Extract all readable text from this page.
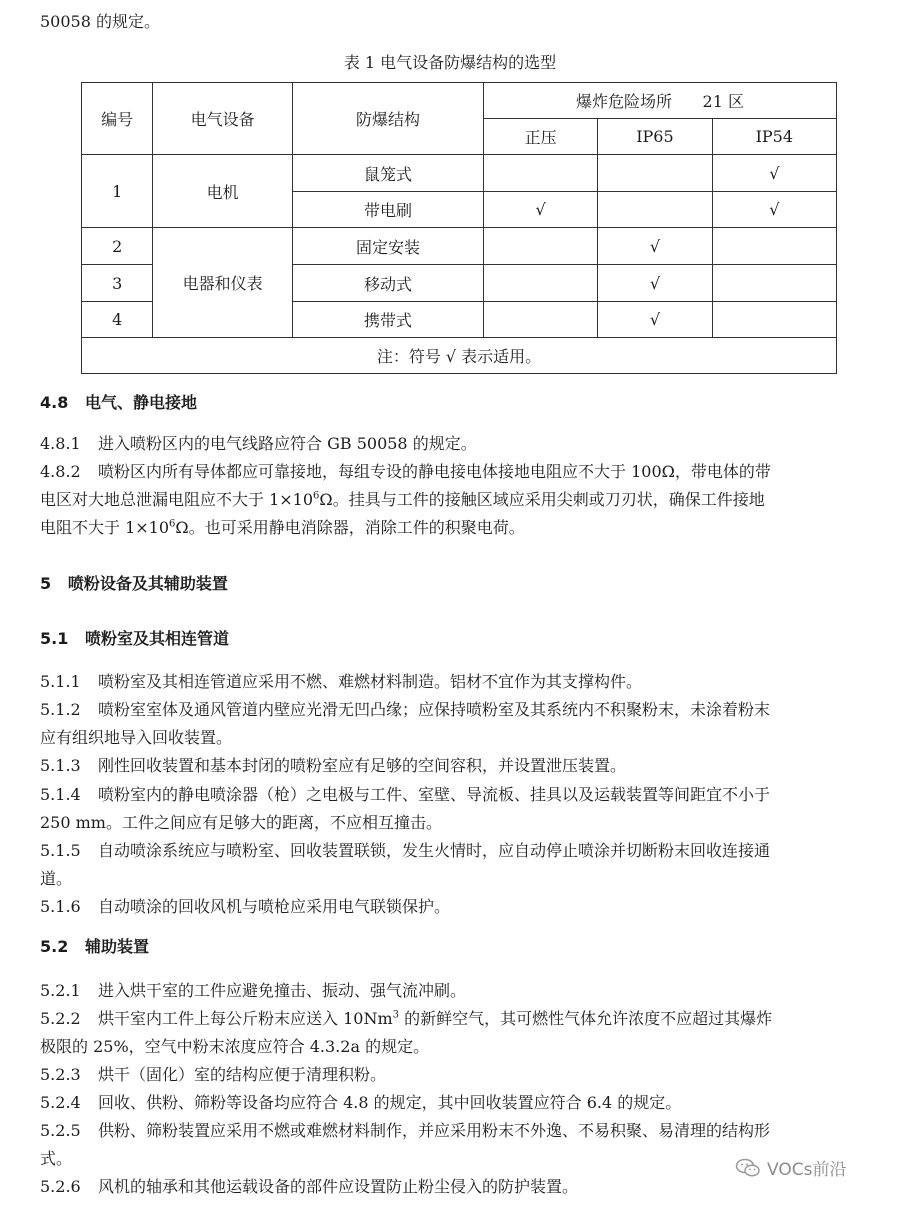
50058 的规定。
表 1 电气设备防爆结构的选型
编号	电气设备	防爆结构	爆炸危险场所      21 区		
			正压	IP65	IP54
1	电机	鼠笼式			√
		带电刷	√		√
2	电器和仪表	固定安装		√	
3		移动式		√	
4		携带式		√	
注：符号 √ 表示适用。					
4.8   电气、静电接地
4.8.1 进入喷粉区内的电气线路应符合 GB 50058 的规定。
4.8.2 喷粉区内所有导体都应可靠接地，每组专设的静电接电体接地电阻应不大于 100Ω，带电体的带
电区对大地总泄漏电阻应不大于 $1\times 10^6\Omega$。挂具与工件的接触区域应采用尖刺或刀刃状，确保工件接地
电阻不大于 $1\times 10^6\Omega$。也可采用静电消除器，消除工件的积聚电荷。
5   喷粉设备及其辅助装置
5.1   喷粉室及其相连管道
5.1.1 喷粉室及其相连管道应采用不燃、难燃材料制造。铝材不宜作为其支撑构件。
5.1.2 喷粉室室体及通风管道内壁应光滑无凹凸缘；应保持喷粉室及其系统内不积聚粉末，未涂着粉末
应有组织地导入回收装置。
5.1.3 刚性回收装置和基本封闭的喷粉室应有足够的空间容积，并设置泄压装置。
5.1.4 喷粉室内的静电喷涂器（枪）之电极与工件、室壁、导流板、挂具以及运载装置等间距宜不小于
250 mm。工件之间应有足够大的距离，不应相互撞击。
5.1.5 自动喷涂系统应与喷粉室、回收装置联锁，发生火情时，应自动停止喷涂并切断粉末回收连接通
道。
5.1.6 自动喷涂的回收风机与喷枪应采用电气联锁保护。
5.2   辅助装置
5.2.1 进入烘干室的工件应避免撞击、振动、强气流冲刷。
5.2.2 烘干室内工件上每公斤粉末应送入 10Nm$^3$ 的新鲜空气，其可燃性气体允许浓度不应超过其爆炸
极限的 25%，空气中粉末浓度应符合 4.3.2a 的规定。
5.2.3 烘干（固化）室的结构应便于清理积粉。
5.2.4 回收、供粉、筛粉等设备均应符合 4.8 的规定，其中回收装置应符合 6.4 的规定。
5.2.5 供粉、筛粉装置应采用不燃或难燃材料制作，并应采用粉末不外逸、不易积聚、易清理的结构形
式。
5.2.6 风机的轴承和其他运载设备的部件应设置防止粉尘侵入的防护装置。
VOCs前沿
